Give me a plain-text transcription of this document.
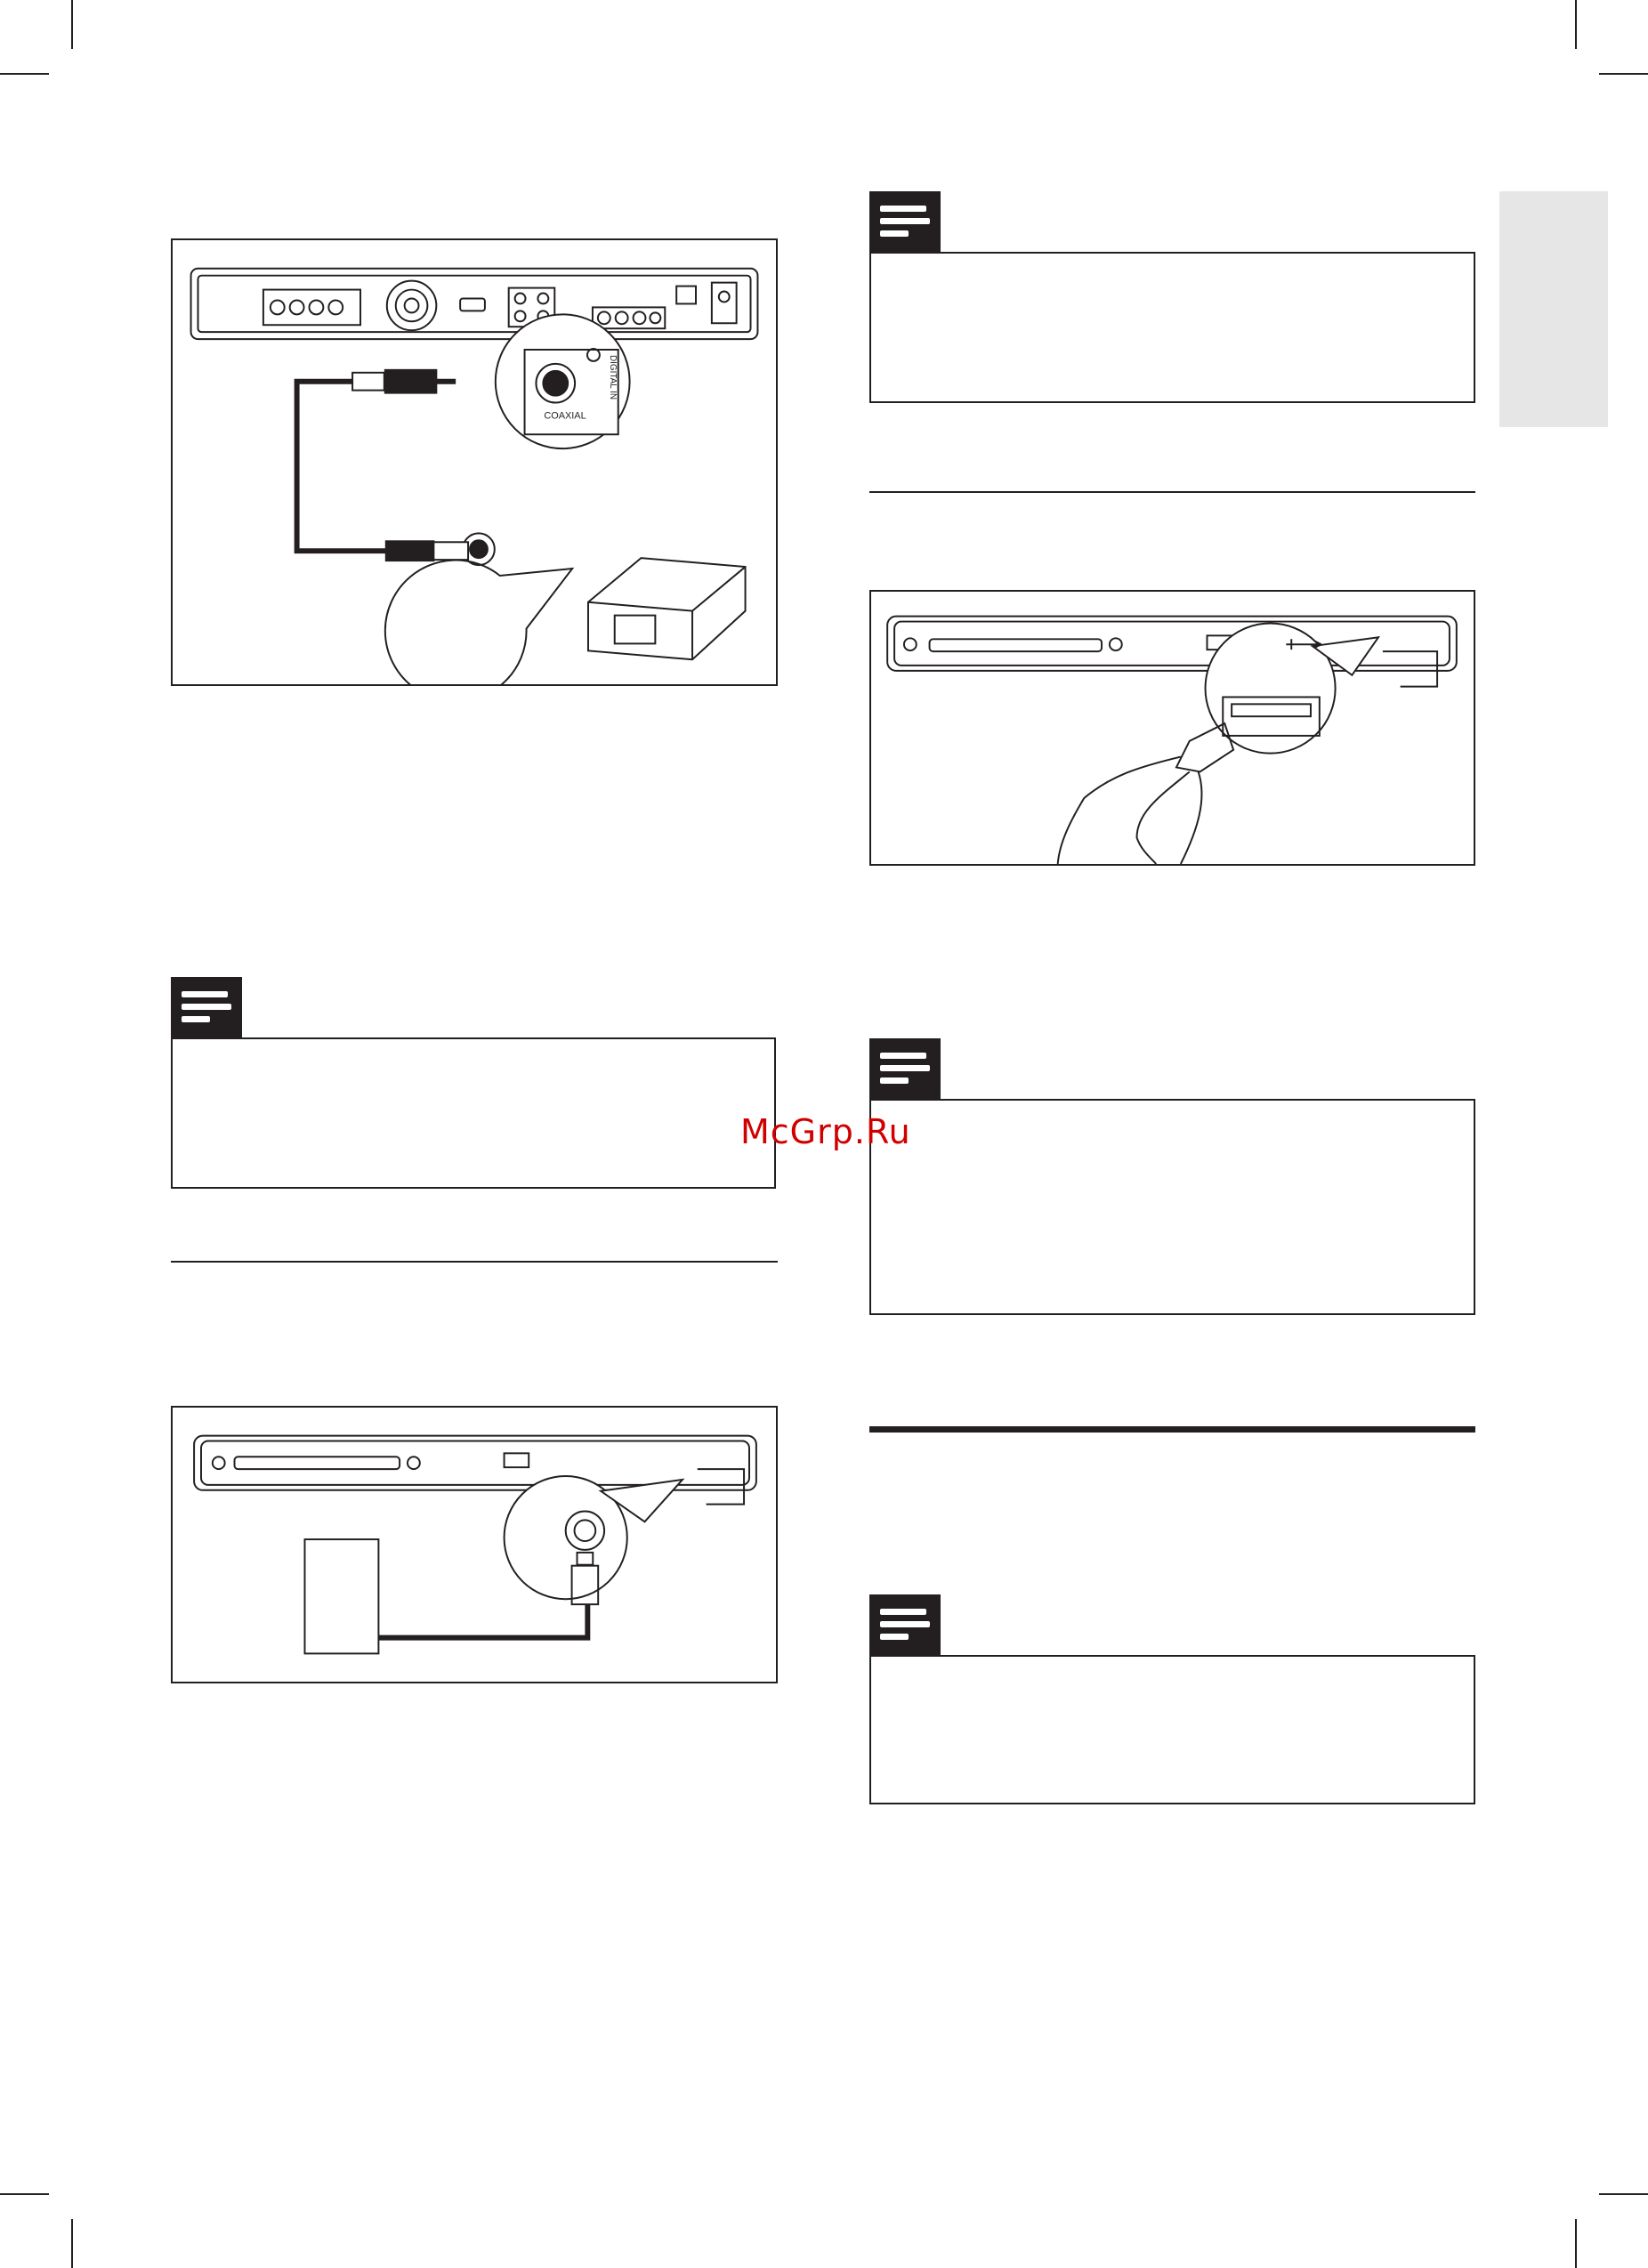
COAXIAL
DIGITAL IN
McGrp.Ru
